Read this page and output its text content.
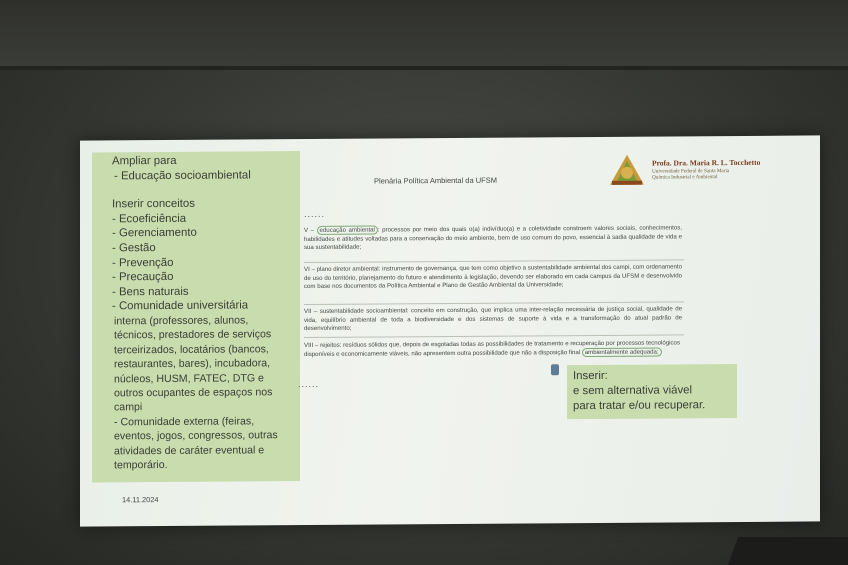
Ampliar para
- Educação socioambiental
Inserir conceitos
- Ecoeficiência
- Gerenciamento
- Gestão
- Prevenção
- Precaução
- Bens naturais
- Comunidade universitária
interna (professores, alunos,
técnicos, prestadores de serviços
terceirizados, locatários (bancos,
restaurantes, bares), incubadora,
núcleos, HUSM, FATEC, DTG e
outros ocupantes de espaços nos
campi
- Comunidade externa (feiras,
eventos, jogos, congressos, outras
atividades de caráter eventual e
temporário.
Plenária Política Ambiental da UFSM
Profa. Dra. Maria R. L. Tocchetto
Universidade Federal de Santa Maria
Química Industrial e Ambiental
......
V – educação ambiental : processos por meio dos quais o(a) indivíduo(a) e a coletividade constroem valores sociais, conhecimentos, habilidades e atitudes voltadas para a conservação do meio ambiente, bem de uso comum do povo, essencial à sadia qualidade de vida e sua sustentabilidade;
VI – plano diretor ambiental: instrumento de governança, que tem como objetivo a sustentabilidade ambiental dos campi, com ordenamento de uso do território, planejamento do futuro e atendimento à legislação, devendo ser elaborado em cada campus da UFSM e desenvolvido com base nos documentos da Política Ambiental e Plano de Gestão Ambiental da Universidade;
VII – sustentabilidade socioambiental: conceito em construção, que implica uma inter-relação necessária de justiça social, qualidade de vida, equilíbrio ambiental de toda a biodiversidade e dos sistemas de suporte à vida e a transformação do atual padrão de desenvolvimento;
VIII – rejeitos: resíduos sólidos que, depois de esgotadas todas as possibilidades de tratamento e recuperação por processos tecnológicos disponíveis e economicamente viáveis, não apresentem outra possibilidade que não a disposição final ambientalmente adequada;
......
Inserir:
e sem alternativa viável
para tratar e/ou recuperar.
14.11.2024
